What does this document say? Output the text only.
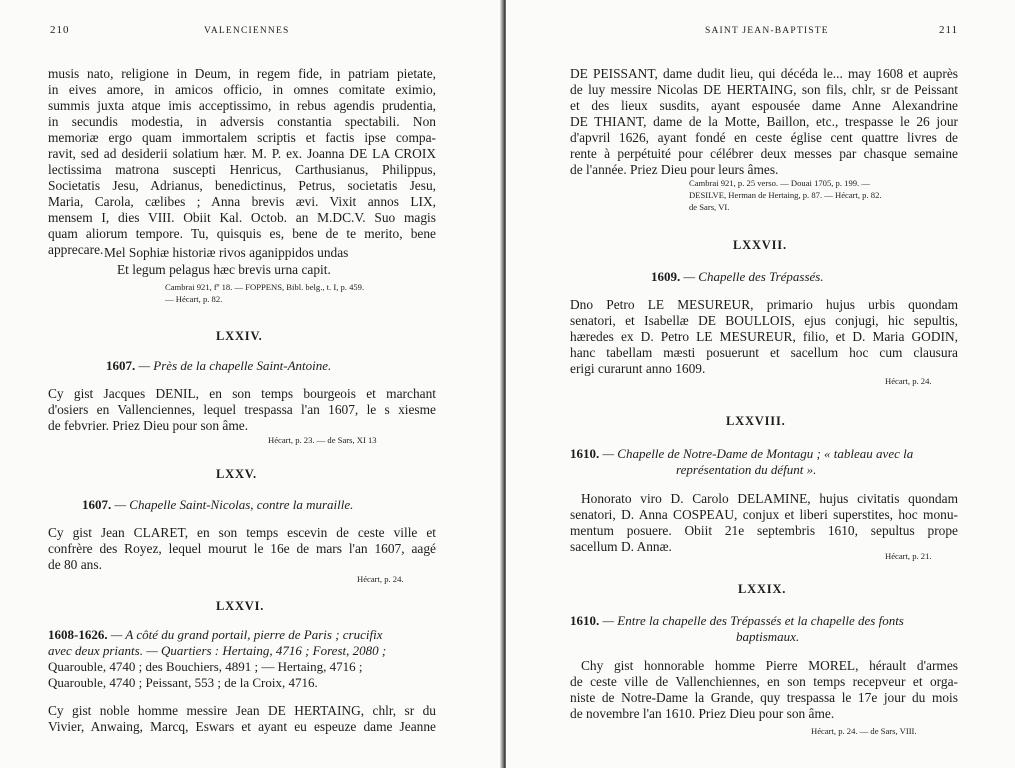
210	VALENCIENNES
musis nato, religione in Deum, in regem fide, in patriam pietate,
in eives amore, in amicos officio, in omnes comitate eximio,
summis juxta atque imis acceptissimo, in rebus agendis prudentia,
in secundis modestia, in adversis constantia spectabili. Non
memoriæ ergo quam immortalem scriptis et factis ipse compa-
ravit, sed ad desiderii solatium hær. M. P. ex. Joanna DE LA CROIX
lectissima matrona suscepti Henricus, Carthusianus, Philippus,
Societatis Jesu, Adrianus, benedictinus, Petrus, societatis Jesu,
Maria, Carola, cælibes ; Anna brevis ævi. Vixit annos LIX,
mensem I, dies VIII. Obiit Kal. Octob. an M.DC.V. Suo magis
quam aliorum tempore. Tu, quisquis es, bene de te merito, bene
apprecare. Mel Sophiæ historiæ rivos aganippidos undas
Et legum pelagus hæc brevis urna capit.
Cambrai 921, fº 18. — FOPPENS, Bibl. belg., t. I, p. 459.
— Hécart, p. 82.
LXXIV.
1607. — Près de la chapelle Saint-Antoine.
Cy gist Jacques DENIL, en son temps bourgeois et marchant
d'osiers en Vallenciennes, lequel trespassa l'an 1607, le s xiesme
de febvrier. Priez Dieu pour son âme.
Hécart, p. 23. — de Sars, XI 13
LXXV.
1607. — Chapelle Saint-Nicolas, contre la muraille.
Cy gist Jean CLARET, en son temps escevin de ceste ville et
confrère des Royez, lequel mourut le 16e de mars l'an 1607, aagé
de 80 ans.
Hécart, p. 24.
LXXVI.
1608-1626. — A côté du grand portail, pierre de Paris ; crucifix
avec deux priants. — Quartiers : Hertaing, 4716 ; Forest, 2080 ;
Quarouble, 4740 ; des Bouchiers, 4891 ; — Hertaing, 4716 ;
Quarouble, 4740 ; Peissant, 553 ; de la Croix, 4716.
Cy gist noble homme messire Jean DE HERTAING, chlr, sr du
Vivier, Anwaing, Marcq, Eswars et ayant eu espeuze dame Jeanne
SAINT JEAN-BAPTISTE	211
DE PEISSANT, dame dudit lieu, qui décéda le... may 1608 et auprès
de luy messire Nicolas DE HERTAING, son fils, chlr, sr de Peissant
et des lieux susdits, ayant espousée dame Anne Alexandrine
DE THIANT, dame de la Motte, Baillon, etc., trespasse le 26 jour
d'apvril 1626, ayant fondé en ceste église cent quattre livres de
rente à perpétuité pour célébrer deux messes par chasque semaine
de l'année. Priez Dieu pour leurs âmes.
Cambrai 921, p. 25 verso. — Douai 1705, p. 199. —
DESILVE, Herman de Hertaing, p. 87. — Hécart, p. 82.
de Sars, VI.
LXXVII.
1609. — Chapelle des Trépassés.
Dno Petro LE MESUREUR, primario hujus urbis quondam
senatori, et Isabellæ DE BOULLOIS, ejus conjugi, hic sepultis,
hæredes ex D. Petro LE MESUREUR, filio, et D. Maria GODIN,
hanc tabellam mæsti posuerunt et sacellum hoc cum clausura
erigi curarunt anno 1609.
Hécart, p. 24.
LXXVIII.
1610. — Chapelle de Notre-Dame de Montagu ; « tableau avec la
représentation du défunt ».
Honorato viro D. Carolo DELAMINE, hujus civitatis quondam
senatori, D. Anna COSPEAU, conjux et liberi superstites, hoc monu-
mentum posuere. Obiit 21e septembris 1610, sepultus prope
sacellum D. Annæ.
Hécart, p. 21.
LXXIX.
1610. — Entre la chapelle des Trépassés et la chapelle des fonts
baptismaux.
Chy gist honnorable homme Pierre MOREL, hérault d'armes
de ceste ville de Vallenchiennes, en son temps recepveur et orga-
niste de Notre-Dame la Grande, quy trespassa le 17e jour du mois
de novembre l'an 1610. Priez Dieu pour son âme.
Hécart, p. 24. — de Sars, VIII.
